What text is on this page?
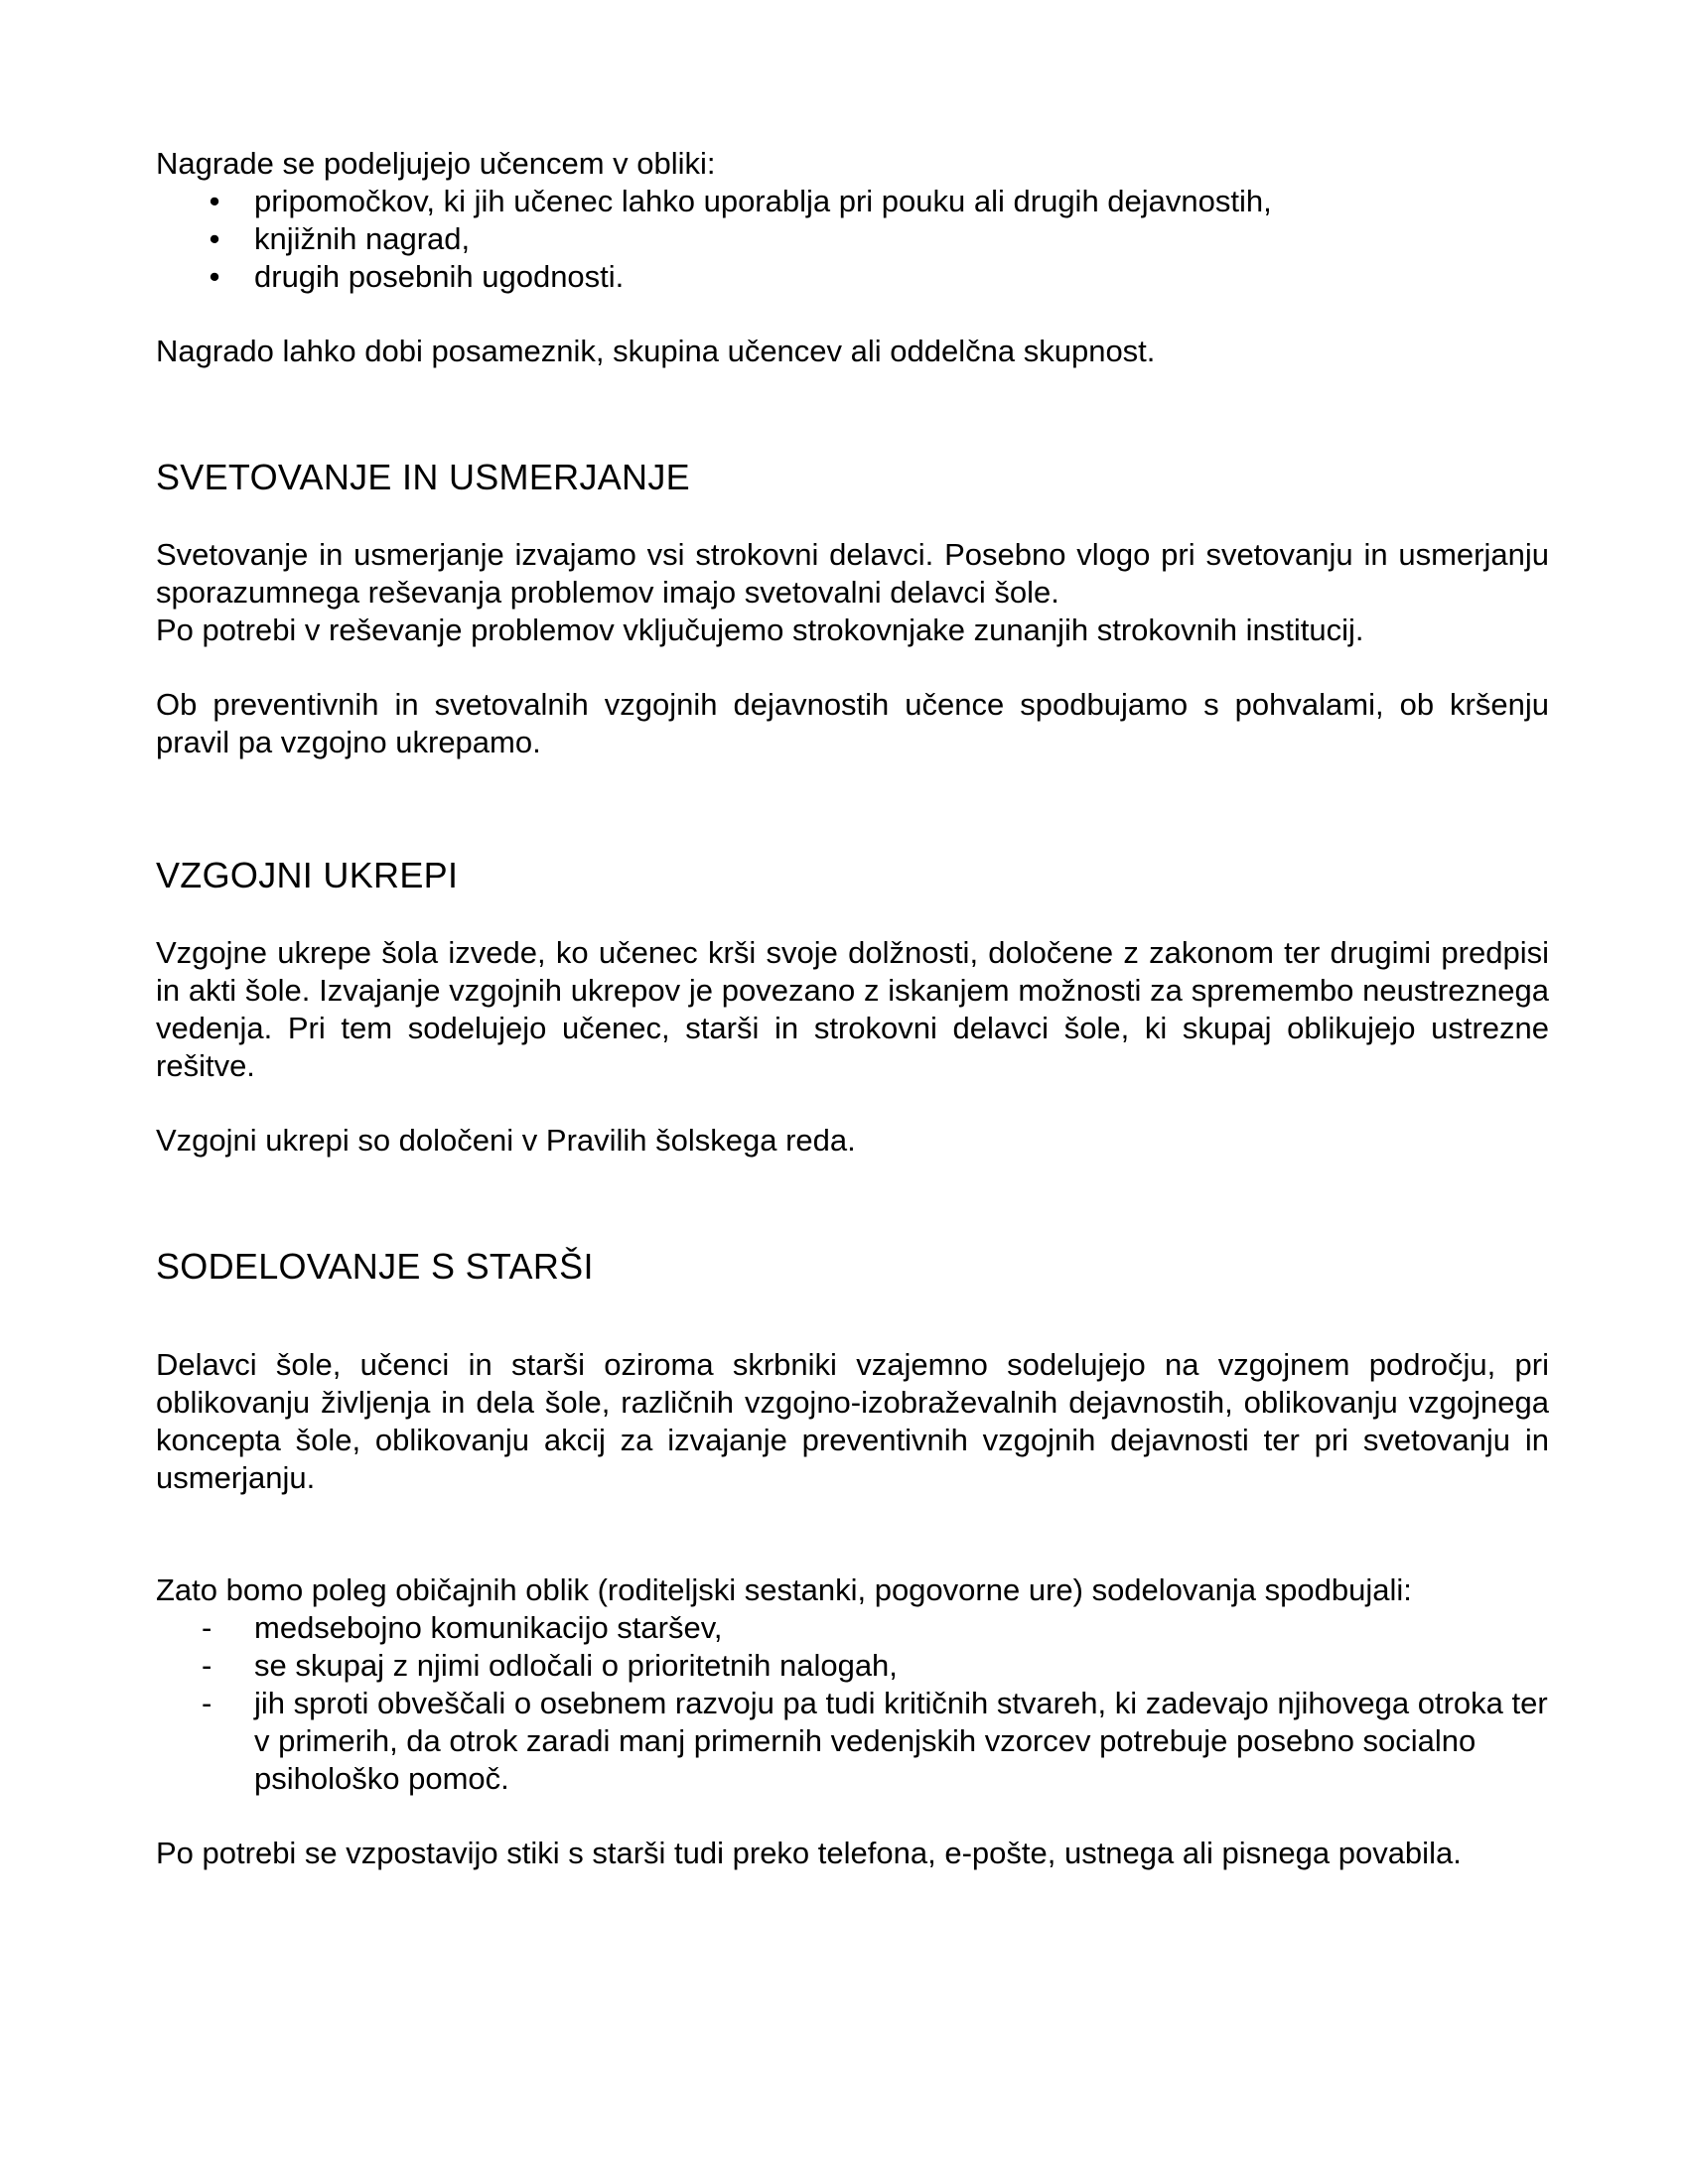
Nagrade se podeljujejo učencem v obliki:

• pripomočkov, ki jih učenec lahko uporablja pri pouku ali drugih dejavnostih,
• knjižnih nagrad,
• drugih posebnih ugodnosti.

Nagrado lahko dobi posameznik, skupina učencev ali oddelčna skupnost.

SVETOVANJE IN USMERJANJE

Svetovanje in usmerjanje izvajamo vsi strokovni delavci. Posebno vlogo pri svetovanju in usmerjanju sporazumnega reševanja problemov imajo svetovalni delavci šole.

Po potrebi v reševanje problemov vključujemo strokovnjake zunanjih strokovnih institucij.

Ob preventivnih in svetovalnih vzgojnih dejavnostih učence spodbujamo s pohvalami, ob kršenju pravil pa vzgojno ukrepamo.

VZGOJNI UKREPI

Vzgojne ukrepe šola izvede, ko učenec krši svoje dolžnosti, določene z zakonom ter drugimi predpisi in akti šole. Izvajanje vzgojnih ukrepov je povezano z iskanjem možnosti za spremembo neustreznega vedenja. Pri tem sodelujejo učenec, starši in strokovni delavci šole, ki skupaj oblikujejo ustrezne rešitve.

Vzgojni ukrepi so določeni v Pravilih šolskega reda.

SODELOVANJE S STARŠI

Delavci šole, učenci in starši oziroma skrbniki vzajemno sodelujejo na vzgojnem področju, pri oblikovanju življenja in dela šole, različnih vzgojno-izobraževalnih dejavnostih, oblikovanju vzgojnega koncepta šole, oblikovanju akcij za izvajanje preventivnih vzgojnih dejavnosti ter pri svetovanju in usmerjanju.

Zato bomo poleg običajnih oblik (roditeljski sestanki, pogovorne ure) sodelovanja spodbujali:

- medsebojno komunikacijo staršev,
- se skupaj z njimi odločali o prioritetnih nalogah,
- jih sproti obveščali o osebnem razvoju pa tudi kritičnih stvareh, ki zadevajo njihovega otroka ter v primerih, da otrok zaradi manj primernih vedenjskih vzorcev potrebuje posebno socialno psihološko pomoč.

Po potrebi se vzpostavijo stiki s starši tudi preko telefona, e-pošte, ustnega ali pisnega povabila.
